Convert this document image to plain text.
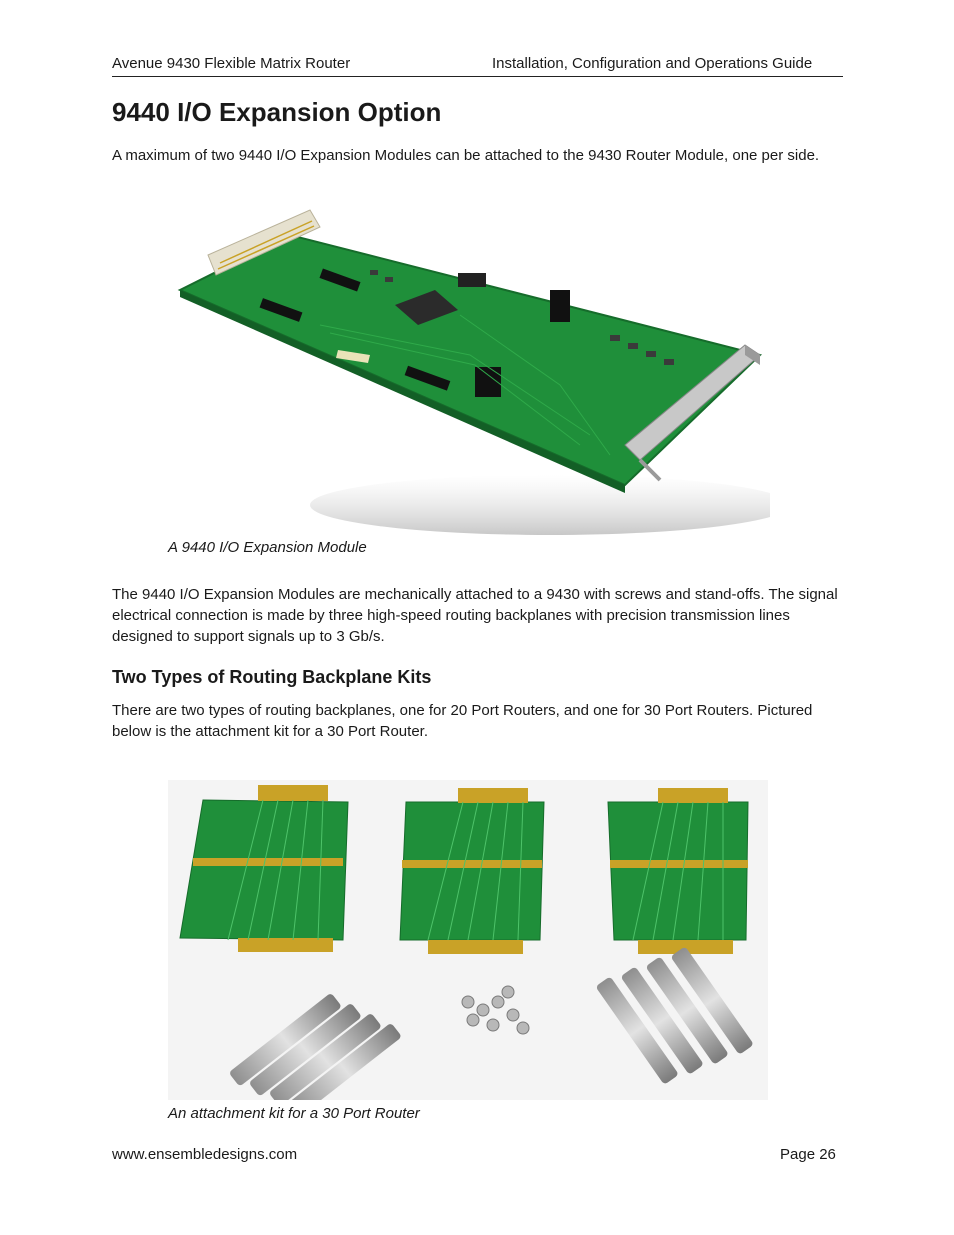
Avenue 9430 Flexible Matrix Router	Installation, Configuration and Operations Guide
9440 I/O Expansion Option

A maximum of two 9440 I/O Expansion Modules can be attached to the 9430 Router Module, one per side.

A 9440 I/O Expansion Module

The 9440 I/O Expansion Modules are mechanically attached to a 9430 with screws and stand-offs. The signal electrical connection is made by three high-speed routing backplanes with precision transmission lines designed to support signals up to 3 Gb/s.

Two Types of Routing Backplane Kits

There are two types of routing backplanes, one for 20 Port Routers, and one for 30 Port Routers. Pictured below is the attachment kit for a 30 Port Router.

An attachment kit for a 30 Port Router
www.ensembledesigns.com	Page 26
